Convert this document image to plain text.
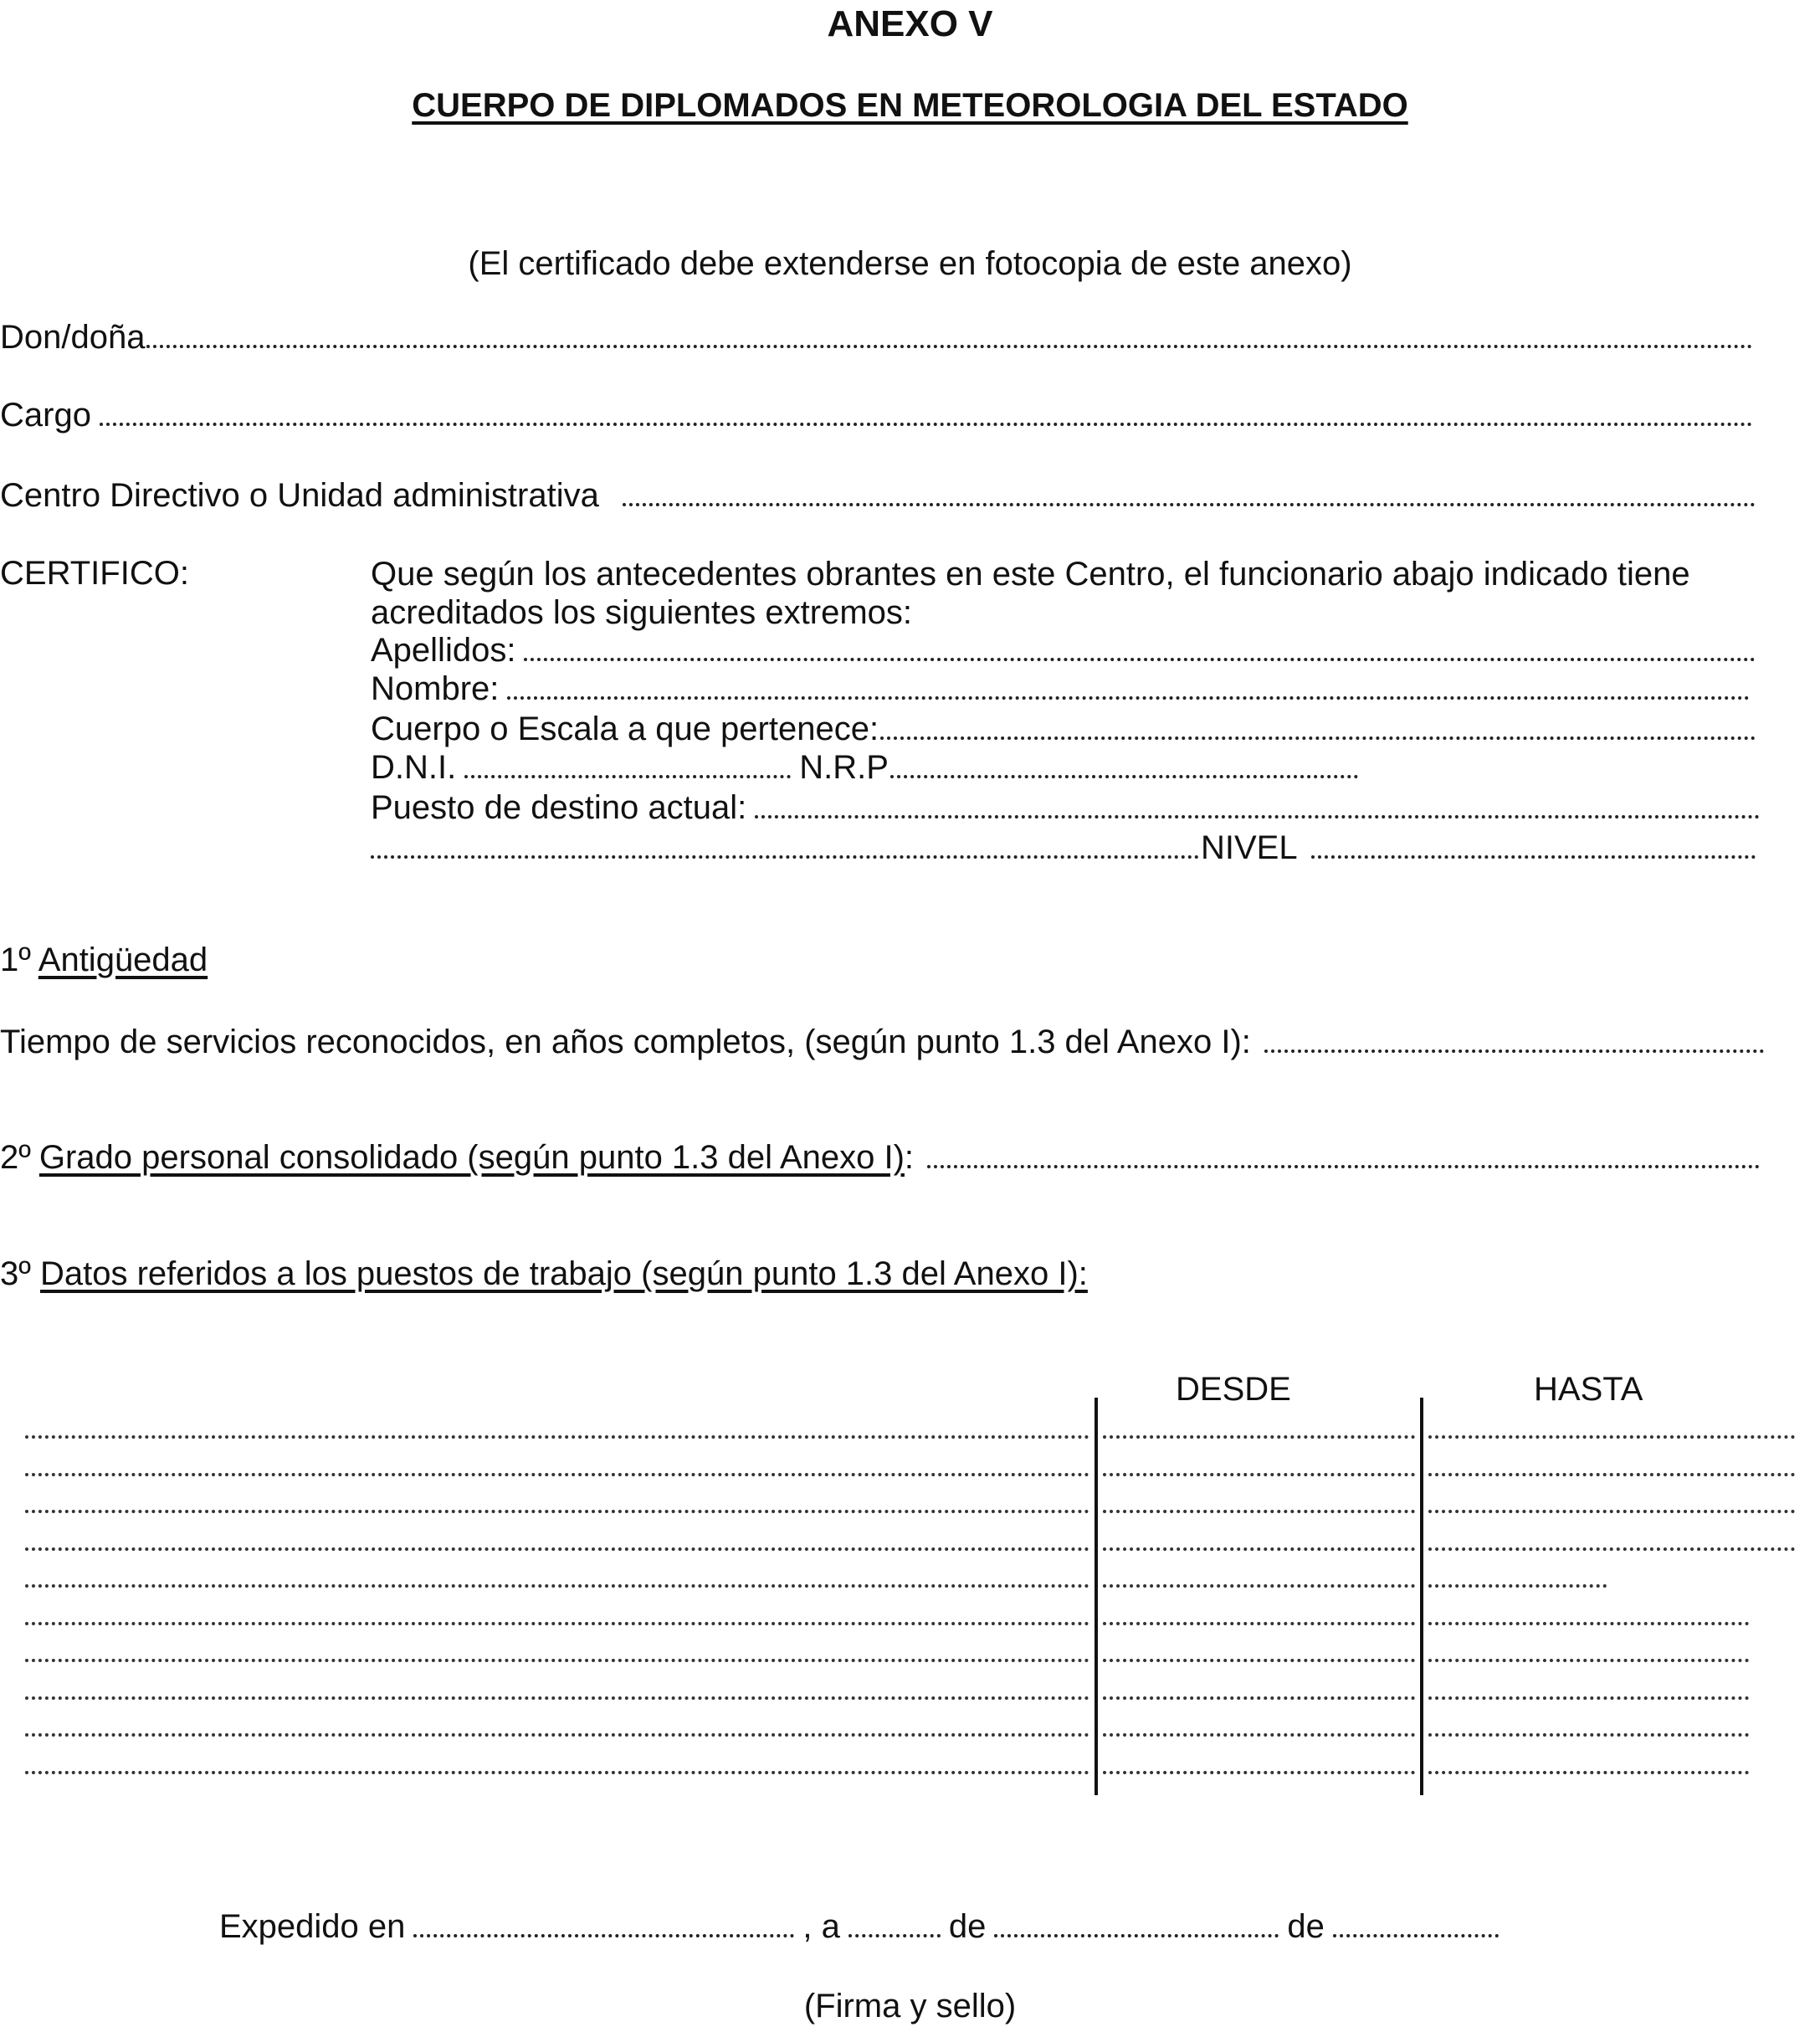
ANEXO V
CUERPO DE DIPLOMADOS EN METEOROLOGIA DEL ESTADO
(El certificado debe extenderse en fotocopia de este anexo)
Don/doña
Cargo
Centro Directivo o Unidad administrativa
CERTIFICO:	Que según los antecedentes obrantes en este Centro, el funcionario abajo indicado tiene acreditados los siguientes extremos:
Apellidos:
Nombre:
Cuerpo o Escala a que pertenece:
D.N.I.	N.R.P
Puesto de destino actual:
NIVEL
1º Antigüedad
Tiempo de servicios reconocidos, en años completos, (según punto 1.3 del Anexo I):
2º Grado personal consolidado (según punto 1.3 del Anexo I) :
3º Datos referidos a los puestos de trabajo (según punto 1.3 del Anexo I):
DESDE	HASTA
Expedido en	, a	de	de
(Firma y sello)
